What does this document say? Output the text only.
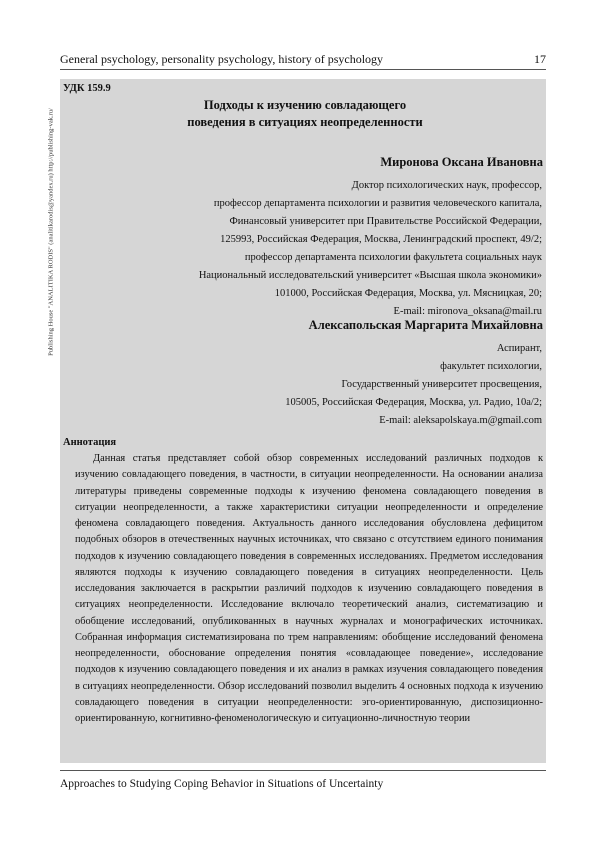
General psychology, personality psychology, history of psychology	17
Publishing House "ANALITIKA RODIS" (analitikarodis@yandex.ru) http://publishing-vak.ru/
УДК 159.9
Подходы к изучению совладающего
поведения в ситуациях неопределенности
Миронова Оксана Ивановна
Доктор психологических наук, профессор,
профессор департамента психологии и развития человеческого капитала,
Финансовый университет при Правительстве Российской Федерации,
125993, Российская Федерация, Москва, Ленинградский проспект, 49/2;
профессор департамента психологии факультета социальных наук
Национальный исследовательский университет «Высшая школа экономики»
101000, Российская Федерация, Москва, ул. Мясницкая, 20;
E-mail: mironova_oksana@mail.ru
Алексапольская Маргарита Михайловна
Аспирант,
факультет психологии,
Государственный университет просвещения,
105005, Российская Федерация, Москва, ул. Радио, 10а/2;
E-mail: aleksapolskaya.m@gmail.com
Аннотация

Данная статья представляет собой обзор современных исследований различных подходов к изучению совладающего поведения, в частности, в ситуации неопределенности. На основании анализа литературы приведены современные подходы к изучению феномена совладающего поведения в ситуации неопределенности, а также характеристики ситуации неопределенности и определение феномена совладающего поведения. Актуальность данного исследования обусловлена дефицитом подобных обзоров в отечественных научных источниках, что связано с отсутствием единого понимания подходов к изучению совладающего поведения в современных исследованиях. Предметом исследования являются подходы к изучению совладающего поведения в ситуациях неопределенности. Цель исследования заключается в раскрытии различий подходов к изучению совладающего поведения в ситуациях неопределенности. Исследование включало теоретический анализ, систематизацию и обобщение исследований, опубликованных в научных журналах и монографических источниках. Собранная информация систематизирована по трем направлениям: обобщение исследований феномена неопределенности, обоснование определения понятия «совладающее поведение», исследование подходов к изучению совладающего поведения и их анализ в рамках изучения совладающего поведения в ситуациях неопределенности. Обзор исследований позволил выделить 4 основных подхода к изучению совладающего поведения в ситуации неопределенности: эго-ориентированную, диспозиционно-ориентированную, когнитивно-феноменологическую и ситуационно-личностную теории

Approaches to Studying Coping Behavior in Situations of Uncertainty
